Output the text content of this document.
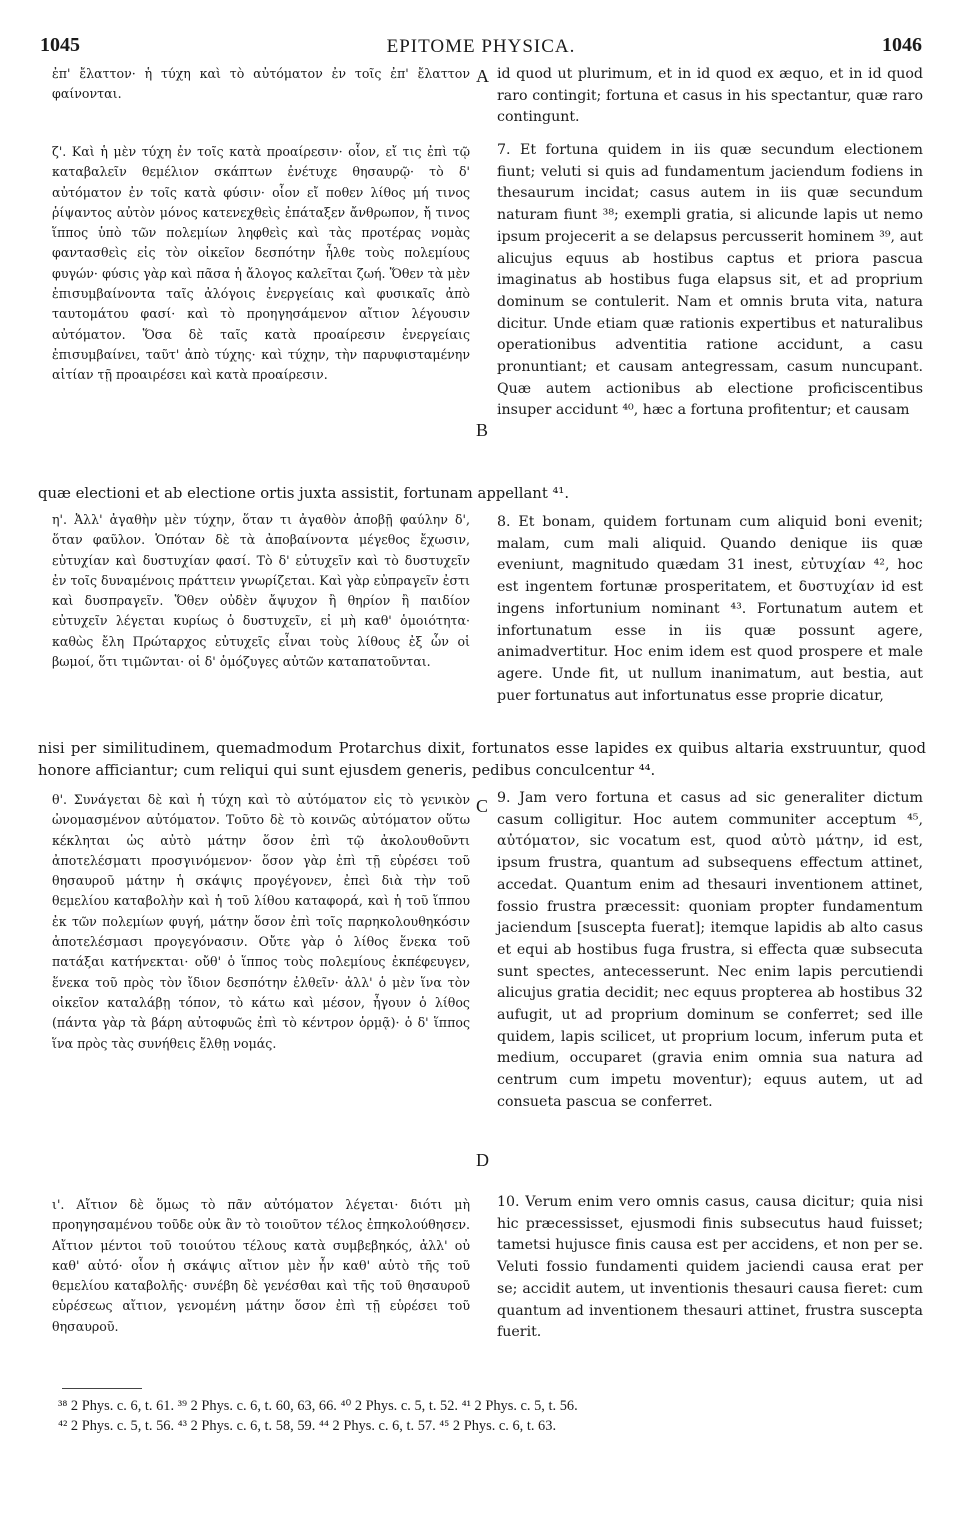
1045	EPITOME PHYSICA.	1046

ἐπ' ἔλαττον· ἡ τύχη καὶ τὸ αὐτόματον ἐν τοῖς ἐπ' ἔλαττον φαίνονται.

ζ'. Καὶ ἡ μὲν τύχη ἐν τοῖς κατὰ προαίρεσιν· οἷον, εἴ τις ἐπὶ τῷ καταβαλεῖν θεμέλιον σκάπτων ἐνέτυχε θησαυρῷ· τὸ δ' αὐτόματον ἐν τοῖς κατὰ φύσιν· οἷον εἴ ποθεν λίθος μή τινος ῥίψαντος αὐτὸν μόνος κατενεχθεὶς ἐπάταξεν ἄνθρωπον, ἤ τινος ἵππος ὑπὸ τῶν πολεμίων ληφθεὶς καὶ τὰς προτέρας νομὰς φαντασθεὶς εἰς τὸν οἰκεῖον δεσπότην ἦλθε τοὺς πολεμίους φυγών· φύσις γὰρ καὶ πᾶσα ἡ ἄλογος καλεῖται ζωή. Ὅθεν τὰ μὲν ἐπισυμβαίνοντα ταῖς ἀλόγοις ἐνεργείαις καὶ φυσικαῖς ἀπὸ ταυτομάτου φασί· καὶ τὸ προηγησάμενον αἴτιον λέγουσιν αὐτόματον. Ὅσα δὲ ταῖς κατὰ προαίρεσιν ἐνεργείαις ἐπισυμβαίνει, ταῦτ' ἀπὸ τύχης· καὶ τύχην, τὴν παρυφισταμένην αἰτίαν τῇ προαιρέσει καὶ κατὰ προαίρεσιν.

η'. Ἀλλ' ἀγαθὴν μὲν τύχην, ὅταν τι ἀγαθὸν ἀποβῇ φαύλην δ', ὅταν φαῦλον. Ὁπόταν δὲ τὰ ἀποβαίνοντα μέγεθος ἔχωσιν, εὐτυχίαν καὶ δυστυχίαν φασί. Τὸ δ' εὐτυχεῖν καὶ τὸ δυστυχεῖν ἐν τοῖς δυναμένοις πράττειν γνωρίζεται. Καὶ γὰρ εὐπραγεῖν ἐστι καὶ δυσπραγεῖν. Ὅθεν οὐδὲν ἄψυχον ἢ θηρίον ἢ παιδίον εὐτυχεῖν λέγεται κυρίως ὁ δυστυχεῖν, εἰ μὴ καθ' ὁμοιότητα· καθὼς ἔλη Πρώταρχος εὐτυχεῖς εἶναι τοὺς λίθους ἐξ ὧν οἱ βωμοί, ὅτι τιμῶνται· οἱ δ' ὁμόζυγες αὐτῶν καταπατοῦνται.

θ'. Συνάγεται δὲ καὶ ἡ τύχη καὶ τὸ αὐτόματον εἰς τὸ γενικὸν ὠνομασμένον αὐτόματον. Τοῦτο δὲ τὸ κοινῶς αὐτόματον οὕτω κέκληται ὡς αὐτὸ μάτην ὅσον ἐπὶ τῷ ἀκολουθοῦντι ἀποτελέσματι προσγινόμενον· ὅσον γὰρ ἐπὶ τῇ εὑρέσει τοῦ θησαυροῦ μάτην ἡ σκάψις προγέγονεν, ἐπεὶ διὰ τὴν τοῦ θεμελίου καταβολὴν καὶ ἡ τοῦ λίθου καταφορά, καὶ ἡ τοῦ ἵππου ἐκ τῶν πολεμίων φυγή, μάτην ὅσον ἐπὶ τοῖς παρηκολουθηκόσιν ἀποτελέσμασι προγεγόνασιν. Οὔτε γὰρ ὁ λίθος ἕνεκα τοῦ πατάξαι κατήνεκται· οὔθ' ὁ ἵππος τοὺς πολεμίους ἐκπέφευγεν, ἕνεκα τοῦ πρὸς τὸν ἴδιον δεσπότην ἐλθεῖν· ἀλλ' ὁ μὲν ἵνα τὸν οἰκεῖον καταλάβῃ τόπον, τὸ κάτω καὶ μέσον, ἦγουν ὁ λίθος (πάντα γὰρ τὰ βάρη αὐτοφυῶς ἐπὶ τὸ κέντρον ὁρμᾷ)· ὁ δ' ἵππος ἵνα πρὸς τὰς συνήθεις ἔλθῃ νομάς.

ι'. Αἴτιον δὲ ὅμως τὸ πᾶν αὐτόματον λέγεται· διότι μὴ προηγησαμένου τοῦδε οὐκ ἂν τὸ τοιοῦτον τέλος ἐπηκολούθησεν. Αἴτιον μέντοι τοῦ τοιούτου τέλους κατὰ συμβεβηκός, ἀλλ' οὐ καθ' αὑτό· οἷον ἡ σκάψις αἴτιον μὲν ἦν καθ' αὑτὸ τῆς τοῦ θεμελίου καταβολῆς· συνέβη δὲ γενέσθαι καὶ τῆς τοῦ θησαυροῦ εὑρέσεως αἴτιον, γενομένη μάτην ὅσον ἐπὶ τῇ εὑρέσει τοῦ θησαυροῦ.

id quod ut plurimum, et in id quod ex æquo, et in id quod raro contingit; fortuna et casus in his spectantur, quæ raro contingunt.

7. Et fortuna quidem in iis quæ secundum electionem fiunt; veluti si quis ad fundamentum jaciendum fodiens in thesaurum incidat; casus autem in iis quæ secundum naturam fiunt ³⁸; exempli gratia, si alicunde lapis ut nemo ipsum projecerit a se delapsus percusserit hominem ³⁹, aut alicujus equus ab hostibus captus et priora pascua imaginatus ab hostibus fuga elapsus sit, et ad proprium dominum se contulerit. Nam et omnis bruta vita, natura dicitur. Unde etiam quæ rationis expertibus et naturalibus operationibus adventitia ratione accidunt, a casu pronuntiant; et causam antegressam, casum nuncupant. Quæ autem actionibus ab electione proficiscentibus insuper accidunt ⁴⁰, hæc a fortuna profitentur; et causam

8. Et bonam, quidem fortunam cum aliquid boni evenit; malam, cum mali aliquid. Quando denique iis quæ eveniunt, magnitudo quædam 31 inest, εὐτυχίαν ⁴², hoc est ingentem fortunæ prosperitatem, et δυστυχίαν id est ingens infortunium nominant ⁴³. Fortunatum autem et infortunatum esse in iis quæ possunt agere, animadvertitur. Hoc enim idem est quod prospere et male agere. Unde fit, ut nullum inanimatum, aut bestia, aut puer fortunatus aut infortunatus esse proprie dicatur,

9. Jam vero fortuna et casus ad sic generaliter dictum casum colligitur. Hoc autem communiter acceptum ⁴⁵, αὐτόματον, sic vocatum est, quod αὐτὸ μάτην, id est, ipsum frustra, quantum ad subsequens effectum attinet, accedat. Quantum enim ad thesauri inventionem attinet, fossio frustra præcessit: quoniam propter fundamentum jaciendum [suscepta fuerat]; itemque lapidis ab alto casus et equi ab hostibus fuga frustra, si effecta quæ subsecuta sunt spectes, antecesserunt. Nec enim lapis percutiendi alicujus gratia decidit; nec equus propterea ab hostibus 32 aufugit, ut ad proprium dominum se conferret; sed ille quidem, lapis scilicet, ut proprium locum, inferum puta et medium, occuparet (gravia enim omnia sua natura ad centrum cum impetu moventur); equus autem, ut ad consueta pascua se conferret.

10. Verum enim vero omnis casus, causa dicitur; quia nisi hic præcessisset, ejusmodi finis subsecutus haud fuisset; tametsi hujusce finis causa est per accidens, et non per se. Veluti fossio fundamenti quidem jaciendi causa erat per se; accidit autem, ut inventionis thesauri causa fieret: cum quantum ad inventionem thesauri attinet, frustra suscepta fuerit.

quæ electioni et ab electione ortis juxta assistit, fortunam appellant ⁴¹.

nisi per similitudinem, quemadmodum Protarchus dixit, fortunatos esse lapides ex quibus altaria exstruuntur, quod honore afficiantur; cum reliqui qui sunt ejusdem generis, pedibus conculcentur ⁴⁴.

A
B
C
D
³⁸ 2 Phys. c. 6, t. 61. ³⁹ 2 Phys. c. 6, t. 60, 63, 66. ⁴⁰ 2 Phys. c. 5, t. 52. ⁴¹ 2 Phys. c. 5, t. 56.
⁴² 2 Phys. c. 5, t. 56. ⁴³ 2 Phys. c. 6, t. 58, 59. ⁴⁴ 2 Phys. c. 6, t. 57. ⁴⁵ 2 Phys. c. 6, t. 63.
